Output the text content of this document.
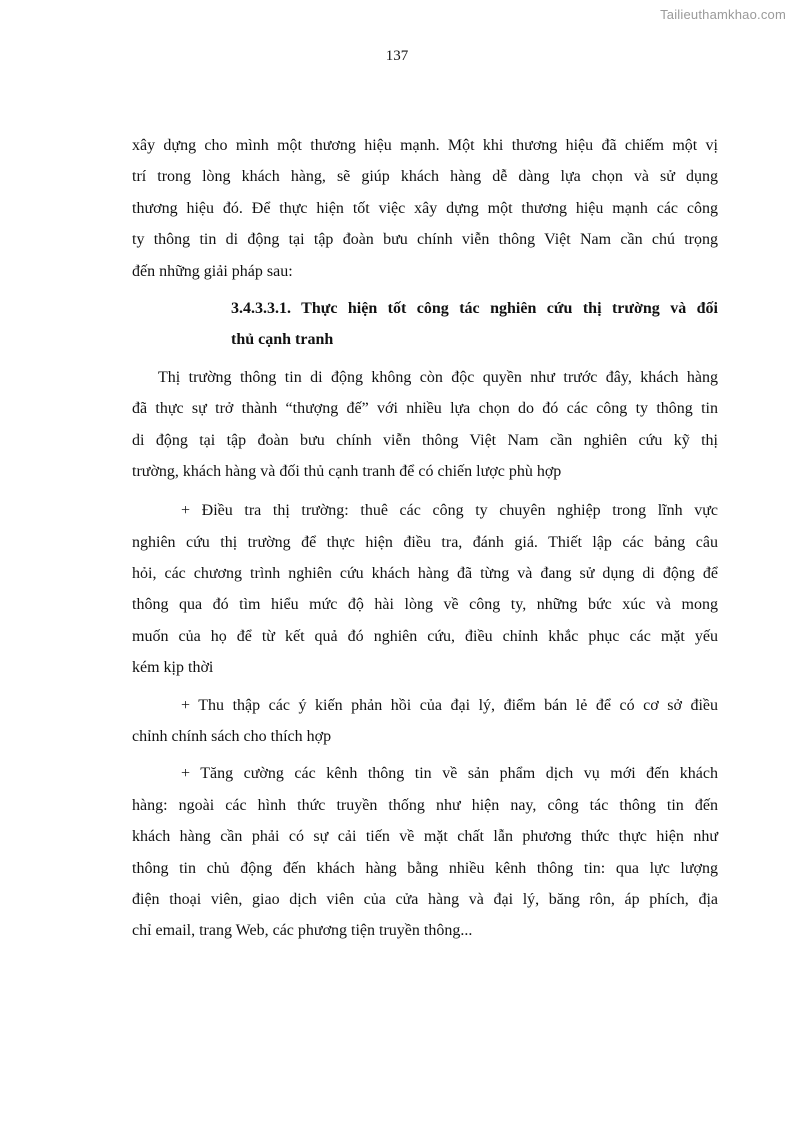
Tailieuthamkhao.com
137
xây dựng cho mình một thương hiệu mạnh. Một khi thương hiệu đã chiếm một vị
trí trong lòng khách hàng, sẽ giúp khách hàng dễ dàng lựa chọn và sử dụng
thương hiệu đó. Để thực hiện tốt việc xây dựng một thương hiệu mạnh các công
ty thông tin di động tại tập đoàn bưu chính viễn thông Việt Nam cần chú trọng
đến những giải pháp sau:
3.4.3.3.1. Thực hiện tốt công tác nghiên cứu thị trường và đối
thủ cạnh tranh
Thị trường thông tin di động không còn độc quyền như trước đây, khách hàng
đã thực sự trở thành “thượng đế” với nhiều lựa chọn do đó các công ty thông tin
di động tại tập đoàn bưu chính viễn thông Việt Nam cần nghiên cứu kỹ thị
trường, khách hàng và đối thủ cạnh tranh để có chiến lược phù hợp
+ Điều tra thị trường: thuê các công ty chuyên nghiệp trong lĩnh vực
nghiên cứu thị trường để thực hiện điều tra, đánh giá. Thiết lập các bảng câu
hỏi, các chương trình nghiên cứu khách hàng đã từng và đang sử dụng di động để
thông qua đó tìm hiểu mức độ hài lòng về công ty, những bức xúc và mong
muốn của họ để từ kết quả đó nghiên cứu, điều chỉnh khắc phục các mặt yếu
kém kịp thời
+ Thu thập các ý kiến phản hồi của đại lý, điểm bán lẻ để có cơ sở điều
chỉnh chính sách cho thích hợp
+ Tăng cường các kênh thông tin về sản phẩm dịch vụ mới đến khách
hàng: ngoài các hình thức truyền thống như hiện nay, công tác thông tin đến
khách hàng cần phải có sự cải tiến về mặt chất lẫn phương thức thực hiện như
thông tin chủ động đến khách hàng bằng nhiều kênh thông tin: qua lực lượng
điện thoại viên, giao dịch viên của cửa hàng và đại lý, băng rôn, áp phích, địa
chỉ email, trang Web, các phương tiện truyền thông...
